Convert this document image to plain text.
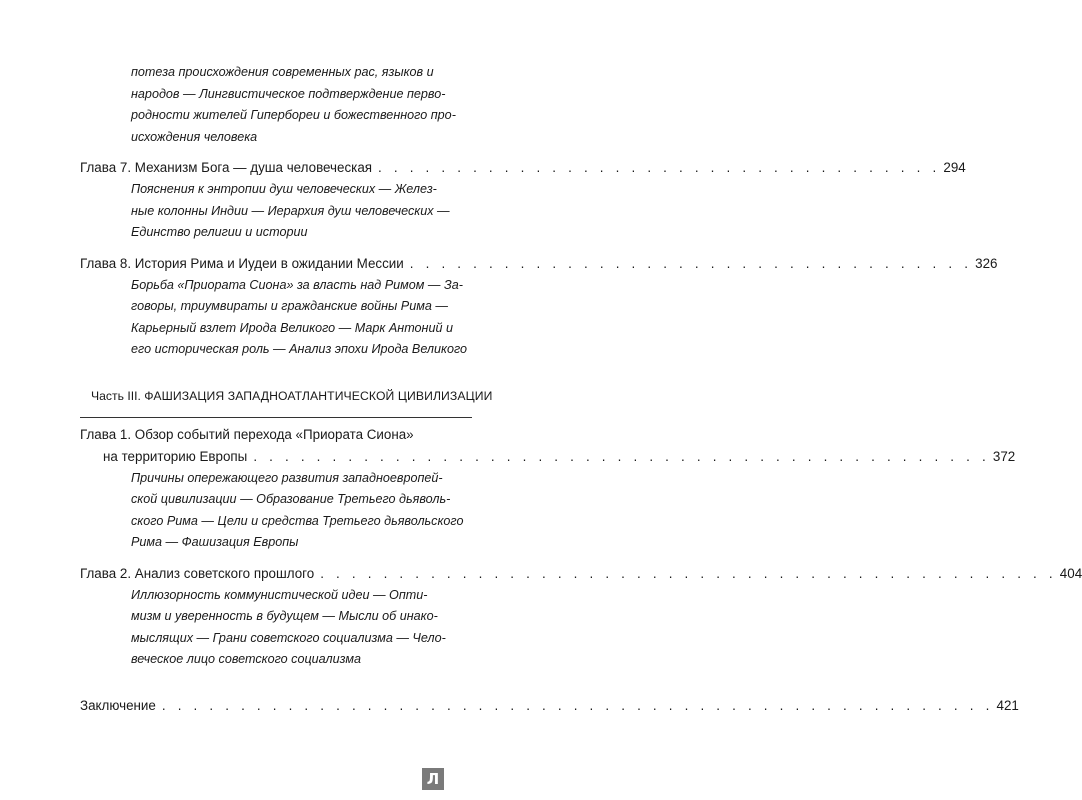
потеза происхождения современных рас, языков и
народов — Лингвистическое подтверждение перво-
родности жителей Гипербореи и божественного про-
исхождения человека
Глава 7. Механизм Бога — душа человеческая . . . . . . . . . . . . . . . . . . . . . . . . . . . . . . . . . . . . 294
Пояснения к энтропии душ человеческих — Желез-
ные колонны Индии — Иерархия душ человеческих —
Единство религии и истории
Глава 8. История Рима и Иудеи в ожидании Мессии . . . . . . . . . . . . . . . . . . . . . . . . . . . . . . . . . . . . 326
Борьба «Приората Сиона» за власть над Римом — За-
говоры, триумвираты и гражданские войны Рима —
Карьерный взлет Ирода Великого — Марк Антоний и
его историческая роль — Анализ эпохи Ирода Великого
Часть III. ФАШИЗАЦИЯ ЗАПАДНОАТЛАНТИЧЕСКОЙ ЦИВИЛИЗАЦИИ
Глава 1. Обзор событий перехода «Приората Сиона»
на территорию Европы . . . . . . . . . . . . . . . . . . . . . . . . . . . . . . . . . . . . . . . . . . . . . . . 372
Причины опережающего развития западноевропей-
ской цивилизации — Образование Третьего дьяволь-
ского Рима — Цели и средства Третьего дьявольского
Рима — Фашизация Европы
Глава 2. Анализ советского прошлого . . . . . . . . . . . . . . . . . . . . . . . . . . . . . . . . . . . . . . . . . . . . . . . 404
Иллюзорность коммунистической идеи — Опти-
мизм и уверенность в будущем — Мысли об инако-
мыслящих — Грани советского социализма — Чело-
веческое лицо советского социализма
Заключение . . . . . . . . . . . . . . . . . . . . . . . . . . . . . . . . . . . . . . . . . . . . . . . . . . . . . 421
Л
